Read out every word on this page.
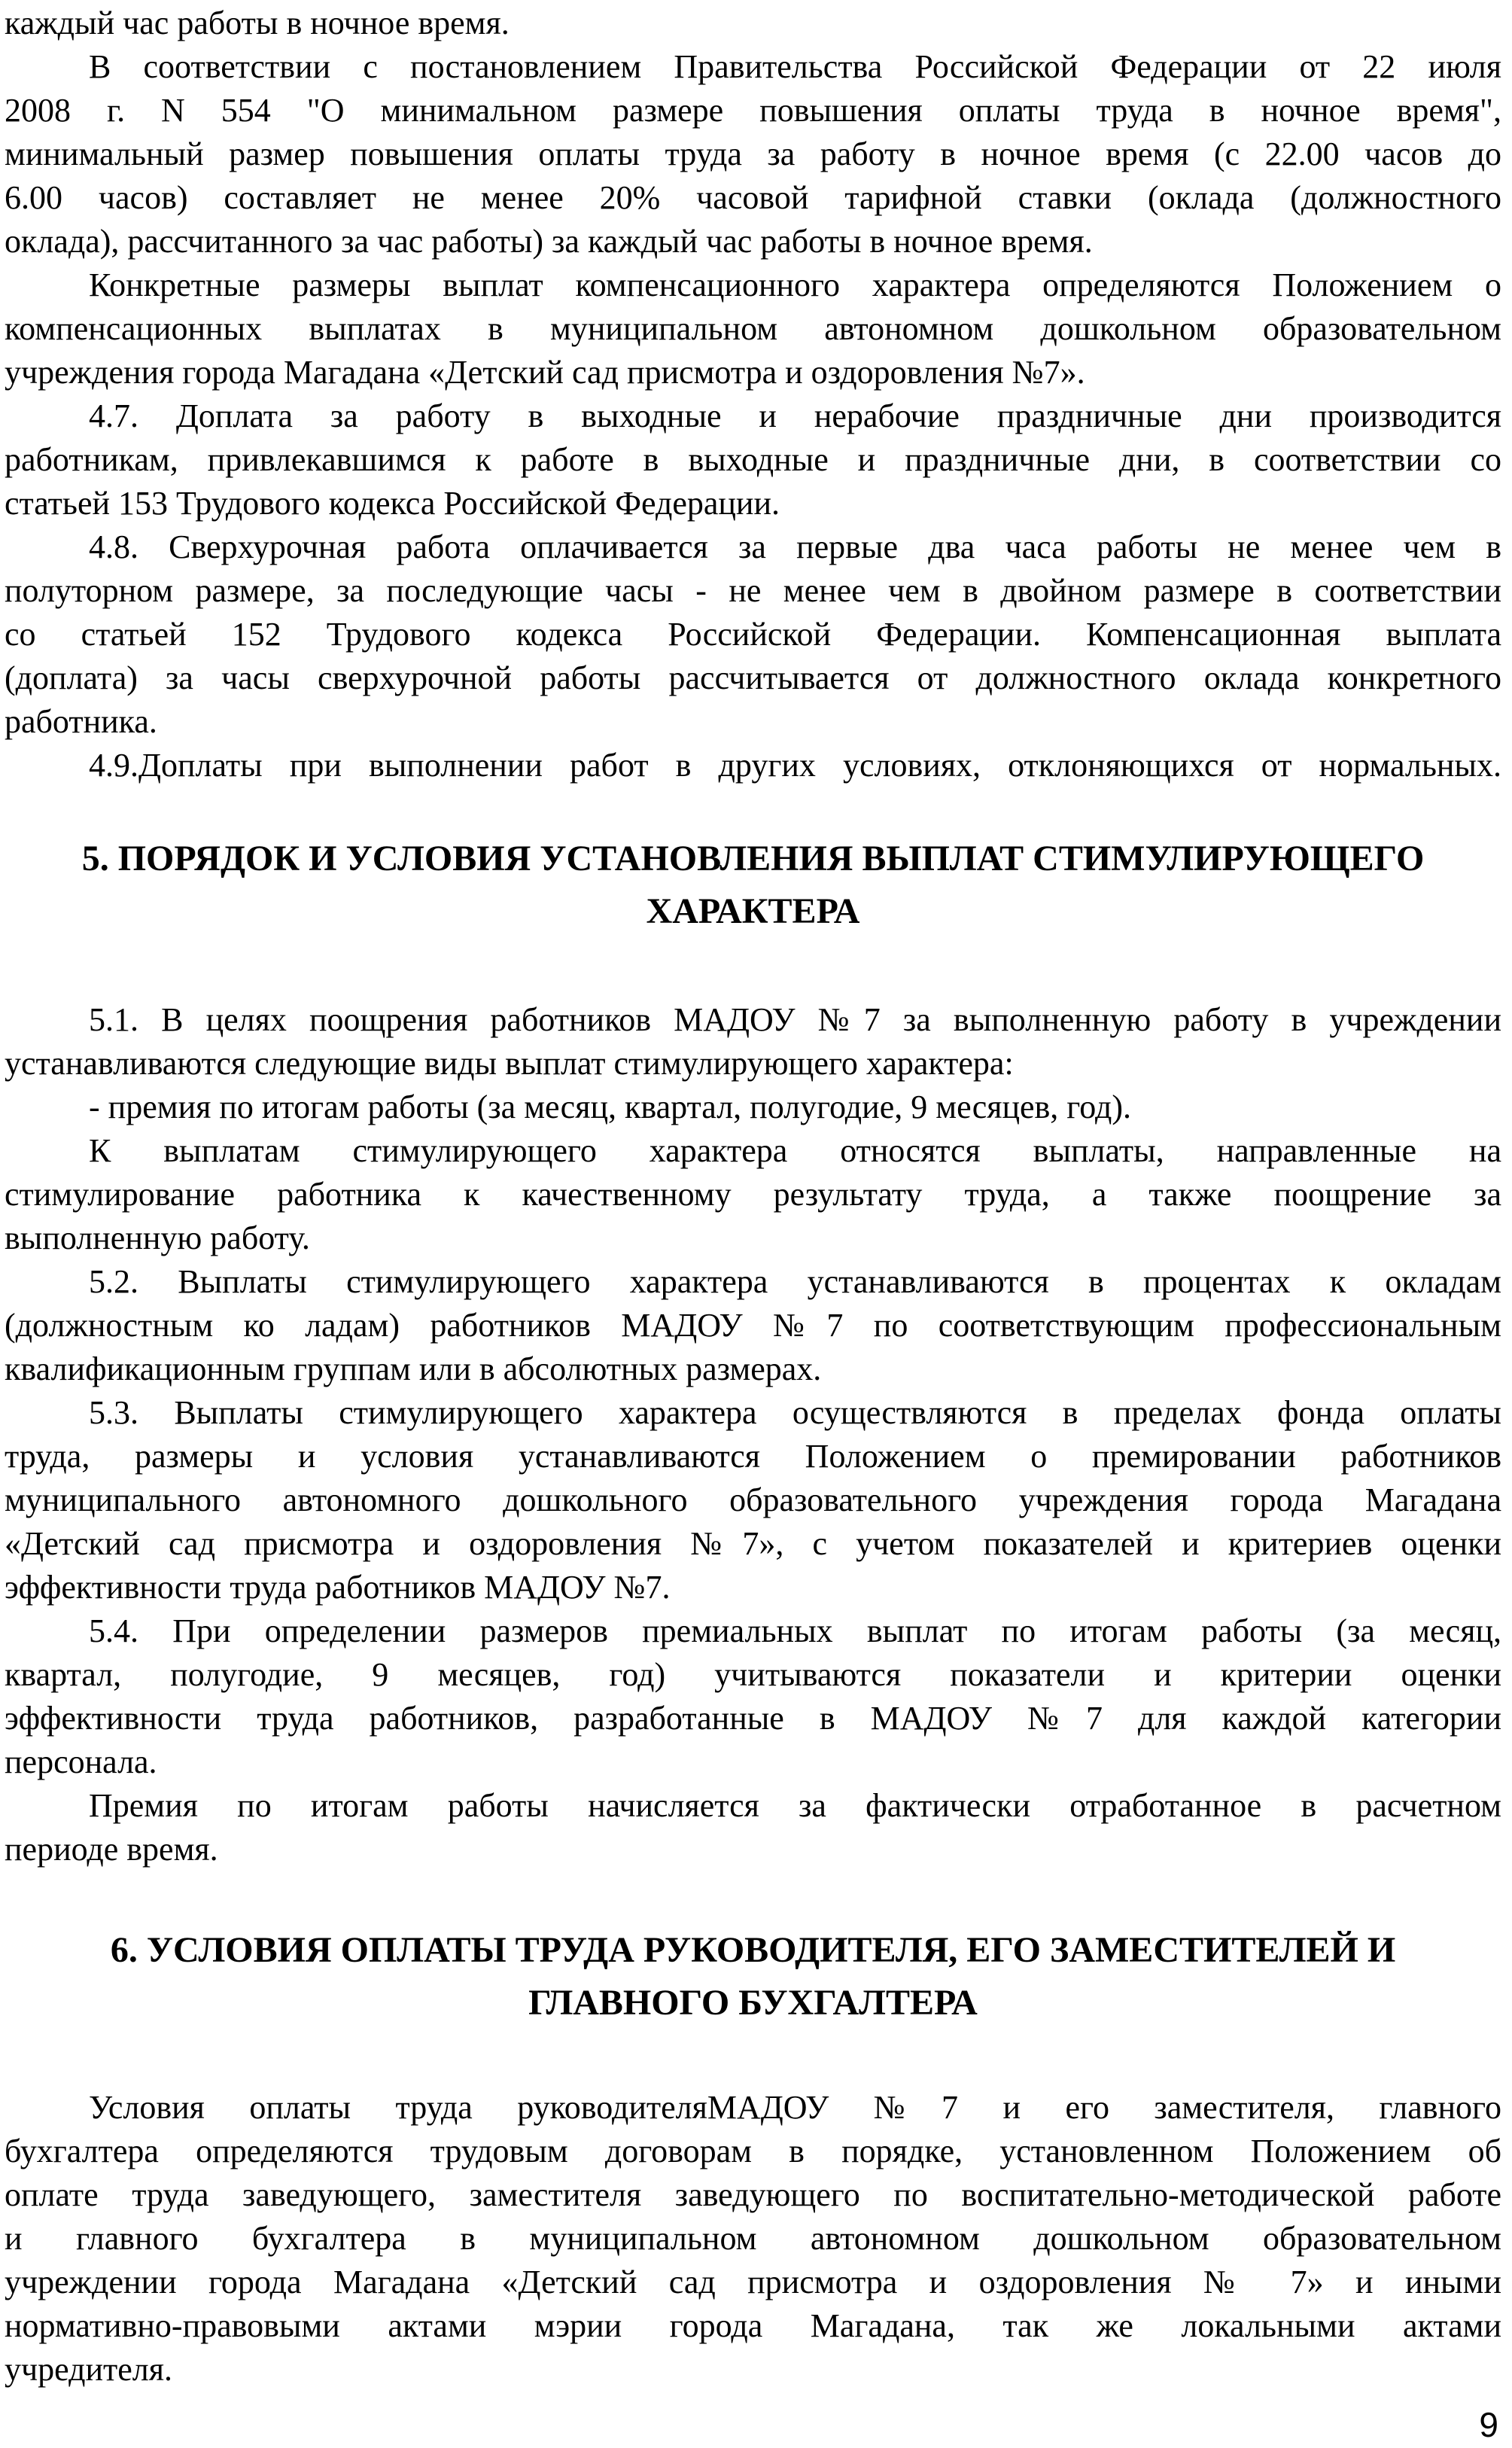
каждый час работы в ночное время.
В соответствии с постановлением Правительства Российской Федерации от 22 июля
2008 г. N 554 "О минимальном размере повышения оплаты труда в ночное время",
минимальный размер повышения оплаты труда за работу в ночное время (с 22.00 часов до
6.00 часов) составляет не менее 20% часовой тарифной ставки (оклада (должностного
оклада), рассчитанного за час работы) за каждый час работы в ночное время.
Конкретные размеры выплат компенсационного характера определяются Положением о
компенсационных выплатах в муниципальном автономном дошкольном образовательном
учреждения города Магадана «Детский сад присмотра и оздоровления №7».
4.7. Доплата за работу в выходные и нерабочие праздничные дни производится
работникам, привлекавшимся к работе в выходные и праздничные дни, в соответствии со
статьей 153 Трудового кодекса Российской Федерации.
4.8. Сверхурочная работа оплачивается за первые два часа работы не менее чем в
полуторном размере, за последующие часы - не менее чем в двойном размере в соответствии
со статьей 152 Трудового кодекса Российской Федерации. Компенсационная выплата
(доплата) за часы сверхурочной работы рассчитывается от должностного оклада конкретного
работника.
4.9.Доплаты при выполнении работ в других условиях, отклоняющихся от нормальных.
5. ПОРЯДОК И УСЛОВИЯ УСТАНОВЛЕНИЯ ВЫПЛАТ СТИМУЛИРУЮЩЕГО
ХАРАКТЕРА
5.1. В целях поощрения работников МАДОУ №7 за выполненную работу в учреждении
устанавливаются следующие виды выплат стимулирующего характера:
- премия по итогам работы (за месяц, квартал, полугодие, 9 месяцев, год).
К выплатам стимулирующего характера относятся выплаты, направленные на
стимулирование работника к качественному результату труда, а также поощрение за
выполненную работу.
5.2. Выплаты стимулирующего характера устанавливаются в процентах к окладам
(должностным ко ладам) работников МАДОУ №7 по соответствующим профессиональным
квалификационным группам или в абсолютных размерах.
5.3. Выплаты стимулирующего характера осуществляются в пределах фонда оплаты
труда, размеры и условия устанавливаются Положением о премировании работников
муниципального автономного дошкольного образовательного учреждения города Магадана
«Детский сад присмотра и оздоровления №7», с учетом показателей и критериев оценки
эффективности труда работников МАДОУ №7.
5.4. При определении размеров премиальных выплат по итогам работы (за месяц,
квартал, полугодие, 9 месяцев, год) учитываются показатели и критерии оценки
эффективности труда работников, разработанные в МАДОУ №7 для каждой категории
персонала.
Премия по итогам работы начисляется за фактически отработанное в расчетном
периоде время.
6. УСЛОВИЯ ОПЛАТЫ ТРУДА РУКОВОДИТЕЛЯ, ЕГО ЗАМЕСТИТЕЛЕЙ И
ГЛАВНОГО БУХГАЛТЕРА
Условия оплаты труда руководителяМАДОУ №7 и его заместителя, главного
бухгалтера определяются трудовым договорам в порядке, установленном Положением об
оплате труда заведующего, заместителя заведующего по воспитательно-методической работе
и главного бухгалтера в муниципальном автономном дошкольном образовательном
учреждении города Магадана «Детский сад присмотра и оздоровления № 7» и иными
нормативно-правовыми актами мэрии города Магадана, так же локальными актами
учредителя.
9
